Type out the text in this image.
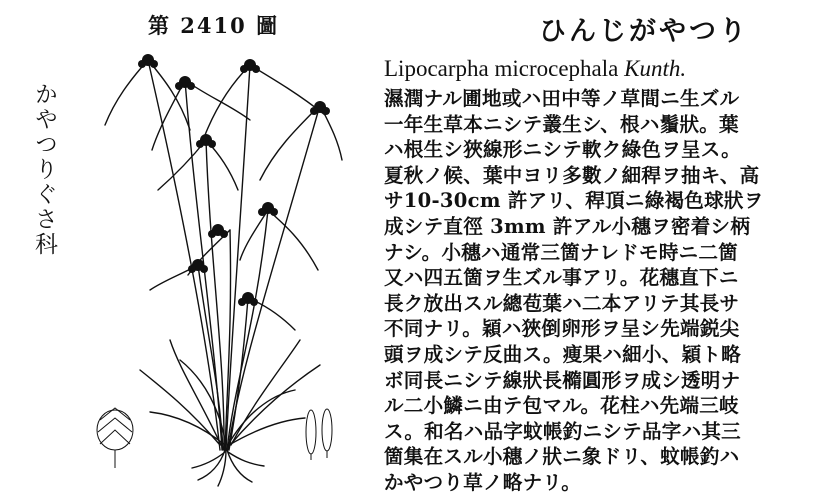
第 2410 圖
かやつりぐさ科
ひんじがやつり
Lipocarpha microcephala Kunth.
濕潤ナル圃地或ハ田中等ノ草間ニ生ズル
一年生草本ニシテ叢生シ、根ハ鬚狀。葉
ハ根生シ狹線形ニシテ軟ク綠色ヲ呈ス。
夏秋ノ候、葉中ヨリ多數ノ細稈ヲ抽キ、高
サ10-30cm 許アリ、稈頂ニ綠褐色球狀ヲ
成シテ直徑 3mm 許アル小穗ヲ密着シ柄
ナシ。小穗ハ通常三箇ナレドモ時ニ二箇
又ハ四五箇ヲ生ズル事アリ。花穗直下ニ
長ク放出スル總苞葉ハ二本アリテ其長サ
不同ナリ。穎ハ狹倒卵形ヲ呈シ先端鋭尖
頭ヲ成シテ反曲ス。痩果ハ細小、穎ト略
ボ同長ニシテ線狀長橢圓形ヲ成シ透明ナ
ル二小鱗ニ由テ包マル。花柱ハ先端三岐
ス。和名ハ品字蚊帳釣ニシテ品字ハ其三
箇集在スル小穗ノ狀ニ象ドリ、蚊帳釣ハ
かやつり草ノ略ナリ。
